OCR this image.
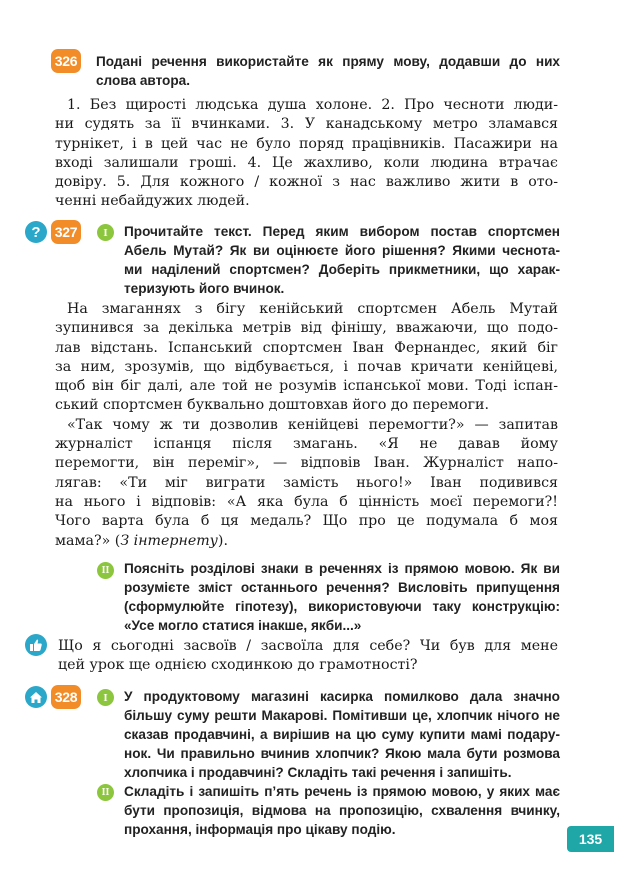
326 Подані речення використайте як пряму мову, додавши до них
слова автора.
1. Без щирості людська душа холоне. 2. Про чесноти люди-
ни судять за її вчинками. 3. У канадському метро зламався
турнікет, і в цей час не було поряд працівників. Пасажири на
вході залишали гроші. 4. Це жахливо, коли людина втрачає
довіру. 5. Для кожного / кожної з нас важливо жити в ото-
ченні небайдужих людей.
? 327	I	Прочитайте текст. Перед яким вибором постав спортсмен
Абель Мутай? Як ви оцінюєте його рішення? Якими чеснота-
ми наділений спортсмен? Доберіть прикметники, що харак-
теризують його вчинок.
На змаганнях з бігу кенійський спортсмен Абель Мутай
зупинився за декілька метрів від фінішу, вважаючи, що подо-
лав відстань. Іспанський спортсмен Іван Фернандес, який біг
за ним, зрозумів, що відбувається, і почав кричати кенійцеві,
щоб він біг далі, але той не розумів іспанської мови. Тоді іспан-
ський спортсмен буквально доштовхав його до перемоги.
«Так чому ж ти дозволив кенійцеві перемогти?» — запитав
журналіст іспанця після змагань. «Я не давав йому
перемогти, він переміг», — відповів Іван. Журналіст напо-
лягав: «Ти міг виграти замість нього!» Іван подивився
на нього і відповів: «А яка була б цінність моєї перемоги?!
Чого варта була б ця медаль? Що про це подумала б моя
мама?» (З інтернету).
II	Поясніть розділові знаки в реченнях із прямою мовою. Як ви
розумієте зміст останнього речення? Висловіть припущення
(сформулюйте гіпотезу), використовуючи таку конструкцію:
«Усе могло статися інакше, якби...»
Що я сьогодні засвоїв / засвоїла для себе? Чи був для мене
цей урок ще однією сходинкою до грамотності?
328	I	У продуктовому магазині касирка помилково дала значно
більшу суму решти Макарові. Помітивши це, хлопчик нічого не
сказав продавчині, а вирішив на цю суму купити мамі подару-
нок. Чи правильно вчинив хлопчик? Якою мала бути розмова
хлопчика і продавчині? Складіть такі речення і запишіть.
II	Складіть і запишіть п’ять речень із прямою мовою, у яких має
бути пропозиція, відмова на пропозицію, схвалення вчинку,
прохання, інформація про цікаву подію.
135
